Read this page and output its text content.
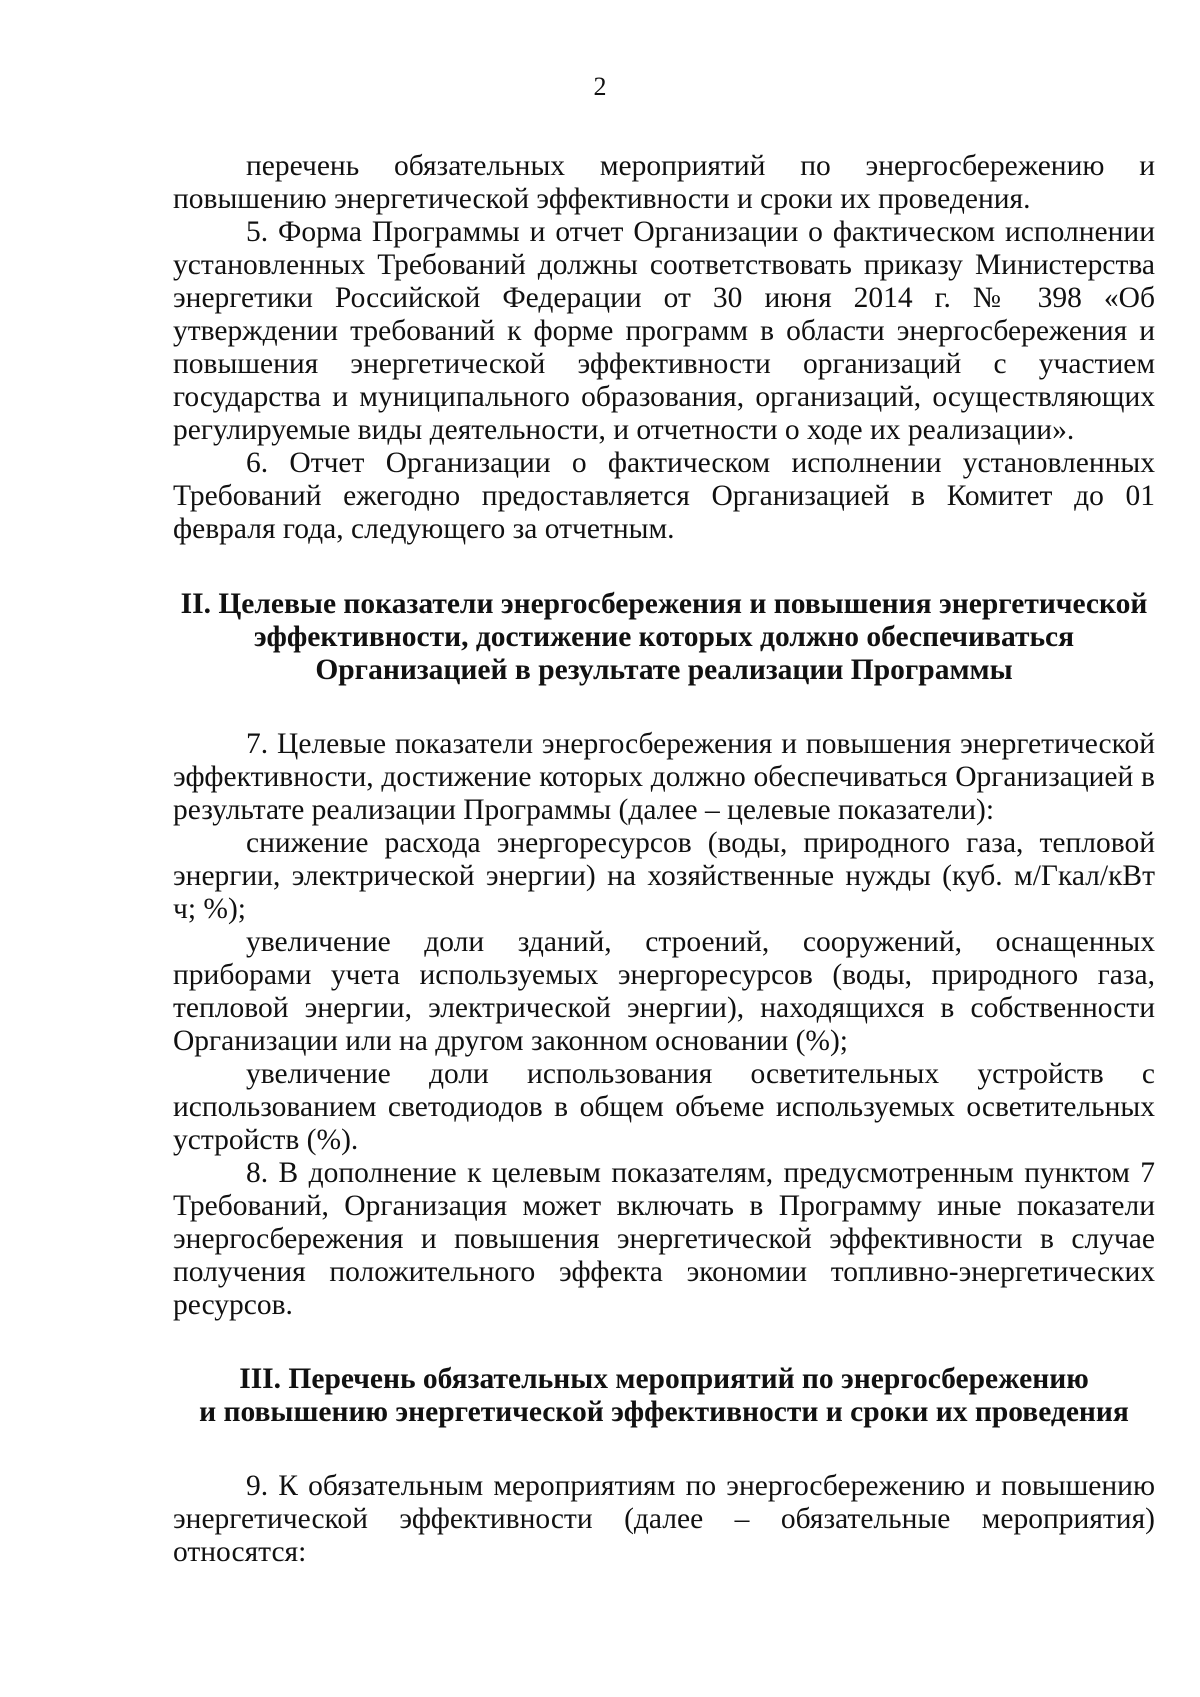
2

перечень обязательных мероприятий по энергосбережению и повышению энергетической эффективности и сроки их проведения.

5. Форма Программы и отчет Организации о фактическом исполнении установленных Требований должны соответствовать приказу Министерства энергетики Российской Федерации от 30 июня 2014 г. № 398 «Об утверждении требований к форме программ в области энергосбережения и повышения энергетической эффективности организаций с участием государства и муниципального образования, организаций, осуществляющих регулируемые виды деятельности, и отчетности о ходе их реализации».

6. Отчет Организации о фактическом исполнении установленных Требований ежегодно предоставляется Организацией в Комитет до 01 февраля года, следующего за отчетным.

II. Целевые показатели энергосбережения и повышения энергетической
эффективности, достижение которых должно обеспечиваться
Организацией в результате реализации Программы

7. Целевые показатели энергосбережения и повышения энергетической эффективности, достижение которых должно обеспечиваться Организацией в результате реализации Программы (далее – целевые показатели):

снижение расхода энергоресурсов (воды, природного газа, тепловой энергии, электрической энергии) на хозяйственные нужды (куб. м/Гкал/кВт ч; %);

увеличение доли зданий, строений, сооружений, оснащенных приборами учета используемых энергоресурсов (воды, природного газа, тепловой энергии, электрической энергии), находящихся в собственности Организации или на другом законном основании (%);

увеличение доли использования осветительных устройств с использованием светодиодов в общем объеме используемых осветительных устройств (%).

8. В дополнение к целевым показателям, предусмотренным пунктом 7 Требований, Организация может включать в Программу иные показатели энергосбережения и повышения энергетической эффективности в случае получения положительного эффекта экономии топливно-энергетических ресурсов.

III. Перечень обязательных мероприятий по энергосбережению
и повышению энергетической эффективности и сроки их проведения

9. К обязательным мероприятиям по энергосбережению и повышению энергетической эффективности (далее – обязательные мероприятия) относятся:
